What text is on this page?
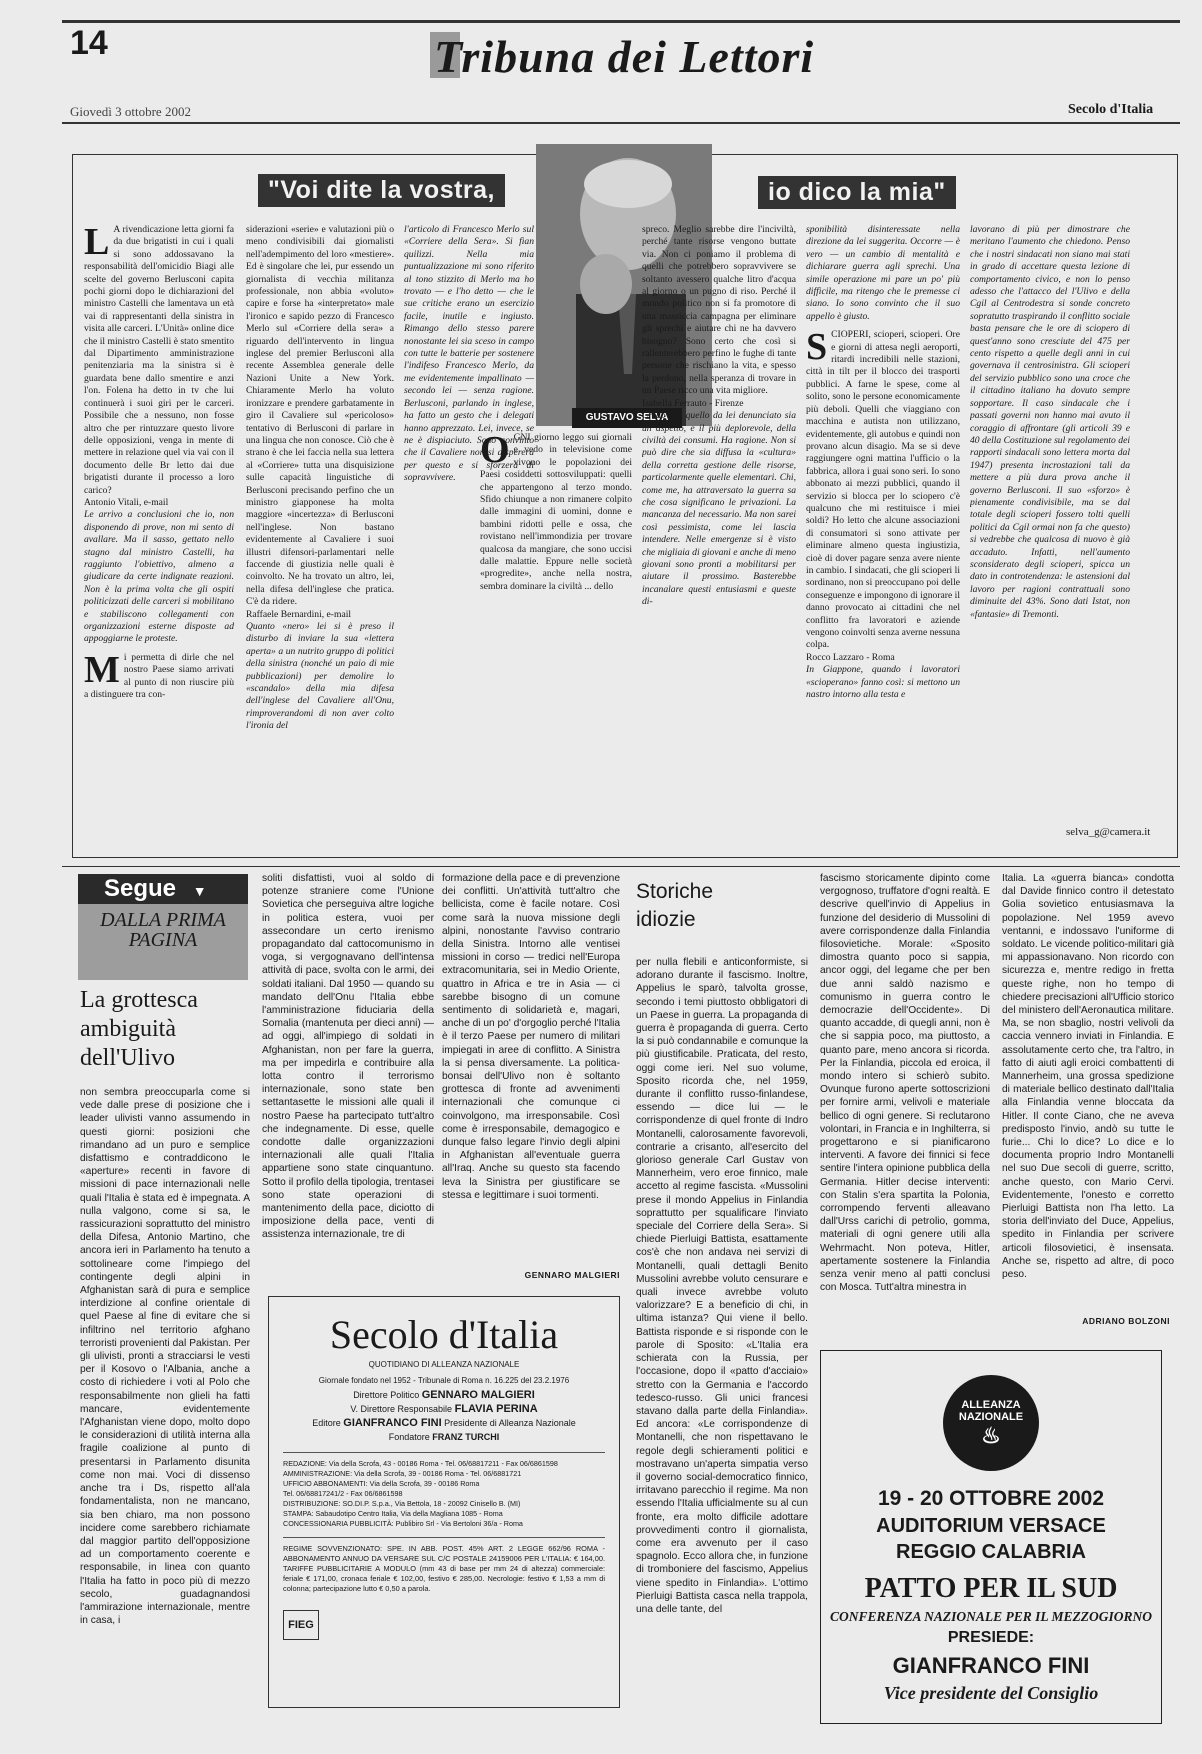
14	Tribuna dei Lettori
Giovedì 3 ottobre 2002	Secolo d'Italia
"Voi dite la vostra,	io dico la mia"
GUSTAVO SELVA

L A rivendicazione letta giorni fa da due brigatisti in cui i quali si sono addossavano la responsabilità dell'omicidio Biagi alle scelte del governo Berlusconi capita pochi giorni dopo le dichiarazioni del ministro Castelli che lamentava un età vai di rappresentanti della sinistra in visita alle carceri. L'Unità» online dice che il ministro Castelli è stato smentito dal Dipartimento amministrazione penitenziaria ma la sinistra si è guardata bene dallo smentire e anzi l'on. Folena ha detto in tv che lui continuerà i suoi giri per le carceri. Possibile che a nessuno, non fosse altro che per rintuzzare questo livore delle opposizioni, venga in mente di mettere in relazione quel via vai con il documento delle Br letto dai due brigatisti durante il processo a loro carico?

Antonio Vitali, e-mail

Le arrivo a conclusioni che io, non disponendo di prove, non mi sento di avallare. Ma il sasso, gettato nello stagno dal ministro Castelli, ha raggiunto l'obiettivo, almeno a giudicare da certe indignate reazioni. Non è la prima volta che gli ospiti politicizzati delle carceri si mobilitano e stabiliscono collegamenti con organizzazioni esterne disposte ad appoggiarne le proteste.

Mi permetta di dirle che nel nostro Paese siamo arrivati al punto di non riuscire più a distinguere tra con-

siderazioni «serie» e valutazioni più o meno condivisibili dai giornalisti nell'adempimento del loro «mestiere». Ed è singolare che lei, pur essendo un giornalista di vecchia militanza professionale, non abbia «voluto» capire e forse ha «interpretato» male l'ironico e sapido pezzo di Francesco Merlo sul «Corriere della sera» a riguardo dell'intervento in lingua inglese del premier Berlusconi alla recente Assemblea generale delle Nazioni Unite a New York. Chiaramente Merlo ha voluto ironizzare e prendere garbatamente in giro il Cavaliere sul «pericoloso» tentativo di Berlusconi di parlare in una lingua che non conosce. Ciò che è strano è che lei faccia nella sua lettera al «Corriere» tutta una disquisizione sulle capacità linguistiche di Berlusconi precisando perfino che un ministro giapponese ha molta maggiore «incertezza» di Berlusconi nell'inglese. Non bastano evidentemente al Cavaliere i suoi illustri difensori-parlamentari nelle faccende di giustizia nelle quali è coinvolto. Ne ha trovato un altro, lei, nella difesa dell'inglese che pratica. C'è da ridere.

Raffaele Bernardini, e-mail

Quanto «nero» lei si è preso il disturbo di inviare la sua «lettera aperta» a un nutrito gruppo di politici della sinistra (nonché un paio di mie pubblicazioni) per demolire lo «scandalo» della mia difesa dell'inglese del Cavaliere all'Onu, rimproverandomi di non aver colto l'ironia del

l'articolo di Francesco Merlo sul «Corriere della Sera». Si fian quilizzi. Nella mia puntualizzazione mi sono riferito al tono stizzito di Merlo ma ho trovato — e l'ho detto — che le sue critiche erano un esercizio facile, inutile e ingiusto. Rimango dello stesso parere nonostante lei sia sceso in campo con tutte le batterie per sostenere l'indifeso Francesco Merlo, da me evidentemente impallinato — secondo lei — senza ragione. Berlusconi, parlando in inglese, ha fatto un gesto che i delegati hanno apprezzato. Lei, invece, se ne è dispiaciuto. Sono convinto che il Cavaliere non si disperera per questo e si sforzerà di sopravvivere.

OGNI giorno leggo sui giornali e vedo in televisione come vivono le popolazioni dei Paesi cosiddetti sottosviluppati: quelli che appartengono al terzo mondo. Sfido chiunque a non rimanere colpito dalle immagini di uomini, donne e bambini ridotti pelle e ossa, che rovistano nell'immondizia per trovare qualcosa da mangiare, che sono uccisi dalle malattie. Eppure nelle società «progredite», anche nella nostra, sembra dominare la civiltà ... dello

spreco. Meglio sarebbe dire l'inciviltà, perché tante risorse vengono buttate via. Non ci poniamo il problema di quelli che potrebbero sopravvivere se soltanto avessero qualche litro d'acqua al giorno o un pugno di riso. Perché il mondo politico non si fa promotore di una massiccia campagna per eliminare gli sprechi e aiutare chi ne ha davvero bisogno? Sono certo che così si rallenterebbero perfino le fughe di tante persone che rischiano la vita, e spesso la perdono, nella speranza di trovare in un Paese ricco una vita migliore.

Isabella Ferrauto - Firenze

Credo che quello da lei denunciato sia un aspetto, e il più deplorevole, della civiltà dei consumi. Ha ragione. Non si può dire che sia diffusa la «cultura» della corretta gestione delle risorse, particolarmente quelle elementari. Chi, come me, ha attraversato la guerra sa che cosa significano le privazioni. La mancanza del necessario. Ma non sarei così pessimista, come lei lascia intendere. Nelle emergenze si è visto che migliaia di giovani e anche di meno giovani sono pronti a mobilitarsi per aiutare il prossimo. Basterebbe incanalare questi entusiasmi e queste di-

sponibilità disinteressate nella direzione da lei suggerita. Occorre — è vero — un cambio di mentalità e dichiarare guerra agli sprechi. Una simile operazione mi pare un po' più difficile, ma ritengo che le premesse ci siano. Io sono convinto che il suo appello è giusto.

SCIOPERI, scioperi, scioperi. Ore e giorni di attesa negli aeroporti, ritardi incredibili nelle stazioni, città in tilt per il blocco dei trasporti pubblici. A farne le spese, come al solito, sono le persone economicamente più deboli. Quelli che viaggiano con macchina e autista non utilizzano, evidentemente, gli autobus e quindi non provano alcun disagio. Ma se si deve raggiungere ogni mattina l'ufficio o la fabbrica, allora i guai sono seri. Io sono abbonato ai mezzi pubblici, quando il servizio si blocca per lo sciopero c'è qualcuno che mi restituisce i miei soldi? Ho letto che alcune associazioni di consumatori si sono attivate per eliminare almeno questa ingiustizia, cioè di dover pagare senza avere niente in cambio. I sindacati, che gli scioperi li sordinano, non si preoccupano poi delle conseguenze e impongono di ignorare il danno provocato ai cittadini che nel conflitto fra lavoratori e aziende vengono coinvolti senza averne nessuna colpa.

Rocco Lazzaro - Roma

In Giappone, quando i lavoratori «scioperano» fanno così: si mettono un nastro intorno alla testa e

lavorano di più per dimostrare che meritano l'aumento che chiedono. Penso che i nostri sindacati non siano mai stati in grado di accettare questa lezione di comportamento civico, e non lo penso adesso che l'attacco del l'Ulivo e della Cgil al Centrodestra si sonde concreto sopratutto traspirando il conflitto sociale basta pensare che le ore di sciopero di quest'anno sono cresciute del 475 per cento rispetto a quelle degli anni in cui governava il centrosinistra. Gli scioperi del servizio pubblico sono una croce che il cittadino italiano ha dovuto sempre sopportare. Il caso sindacale che i passati governi non hanno mai avuto il coraggio di affrontare (gli articoli 39 e 40 della Costituzione sul regolamento dei rapporti sindacali sono lettera morta dal 1947) presenta incrostazioni tali da mettere a più dura prova anche il governo Berlusconi. Il suo «sforzo» è pienamente condivisibile, ma se dal totale degli scioperi fossero tolti quelli politici da Cgil ormai non fa che questo) si vedrebbe che qualcosa di nuovo è già accaduto. Infatti, nell'aumento sconsiderato degli scioperi, spicca un dato in controtendenza: le astensioni dal lavoro per ragioni contrattuali sono diminuite del 43%. Sono dati Istat, non «fantasie» di Tremonti.

selva_g@camera.it
Segue ▼
DALLA PRIMA PAGINA
La grottesca ambiguità dell'Ulivo

non sembra preoccuparla come si vede dalle prese di posizione che i leader ulivisti vanno assumendo in questi giorni: posizioni che rimandano ad un puro e semplice disfattismo e contraddicono le «aperture» recenti in favore di missioni di pace internazionali nelle quali l'Italia è stata ed è impegnata. A nulla valgono, come si sa, le rassicurazioni soprattutto del ministro della Difesa, Antonio Martino, che ancora ieri in Parlamento ha tenuto a sottolineare come l'impiego del contingente degli alpini in Afghanistan sarà di pura e semplice interdizione al confine orientale di quel Paese al fine di evitare che si infiltrino nel territorio afghano terroristi provenienti dal Pakistan. Per gli ulivisti, pronti a stracciarsi le vesti per il Kosovo o l'Albania, anche a costo di richiedere i voti al Polo che responsabilmente non glieli ha fatti mancare, evidentemente l'Afghanistan viene dopo, molto dopo le considerazioni di utilità interna alla fragile coalizione al punto di presentarsi in Parlamento disunita come non mai. Voci di dissenso anche tra i Ds, rispetto all'ala fondamentalista, non ne mancano, sia ben chiaro, ma non possono incidere come sarebbero richiamate dal maggior partito dell'opposizione ad un comportamento coerente e responsabile, in linea con quanto l'Italia ha fatto in poco più di mezzo secolo, guadagnandosi l'ammirazione internazionale, mentre in casa, i

soliti disfattisti, vuoi al soldo di potenze straniere come l'Unione Sovietica che perseguiva altre logiche in politica estera, vuoi per assecondare un certo irenismo propagandato dal cattocomunismo in voga, si vergognavano dell'intensa attività di pace, svolta con le armi, dei soldati italiani. Dal 1950 — quando su mandato dell'Onu l'Italia ebbe l'amministrazione fiduciaria della Somalia (mantenuta per dieci anni) — ad oggi, all'impiego di soldati in Afghanistan, non per fare la guerra, ma per impedirla e contribuire alla lotta contro il terrorismo internazionale, sono state ben settantasette le missioni alle quali il nostro Paese ha partecipato tutt'altro che indegnamente. Di esse, quelle condotte dalle organizzazioni internazionali alle quali l'Italia appartiene sono state cinquantuno. Sotto il profilo della tipologia, trentasei sono state operazioni di mantenimento della pace, diciotto di imposizione della pace, venti di assistenza internazionale, tre di

formazione della pace e di prevenzione dei conflitti. Un'attività tutt'altro che bellicista, come è facile notare. Così come sarà la nuova missione degli alpini, nonostante l'avviso contrario della Sinistra. Intorno alle ventisei missioni in corso — tredici nell'Europa extracomunitaria, sei in Medio Oriente, quattro in Africa e tre in Asia — ci sarebbe bisogno di un comune sentimento di solidarietà e, magari, anche di un po' d'orgoglio perché l'Italia è il terzo Paese per numero di militari impiegati in aree di conflitto. A Sinistra la si pensa diversamente. La politica-bonsai dell'Ulivo non è soltanto grottesca di fronte ad avvenimenti internazionali che comunque ci coinvolgono, ma irresponsabile. Così come è irresponsabile, demagogico e dunque falso legare l'invio degli alpini in Afghanistan all'eventuale guerra all'Iraq. Anche su questo sta facendo leva la Sinistra per giustificare se stessa e legittimare i suoi tormenti.

GENNARO MALGIERI
Secolo d'Italia
QUOTIDIANO DI ALLEANZA NAZIONALE
Giornale fondato nel 1952 - Tribunale di Roma n. 16.225 del 23.2.1976
Direttore Politico GENNARO MALGIERI
V. Direttore Responsabile FLAVIA PERINA
Editore GIANFRANCO FINI Presidente di Alleanza Nazionale
Fondatore FRANZ TURCHI
REDAZIONE: Via della Scrofa, 43 - 00186 Roma - Tel. 06/68817211 - Fax 06/6861598
AMMINISTRAZIONE: Via della Scrofa, 39 - 00186 Roma - Tel. 06/6881721
UFFICIO ABBONAMENTI: Via della Scrofa, 39 - 00186 Roma
Tel. 06/68817241/2 - Fax 06/6861598
DISTRIBUZIONE: SO.DI.P. S.p.a., Via Bettola, 18 - 20092 Cinisello B. (MI)
STAMPA: Sabaudotipo Centro Italia, Via della Magliana 1085 - Roma
CONCESSIONARIA PUBBLICITÀ: Publibiro Srl - Via Bertoloni 36/a - Roma
FIEG
REGIME SOVVENZIONATO: SPE. IN ABB. POST. 45% ART. 2 LEGGE 662/96 ROMA - ABBONAMENTO ANNUO DA VERSARE SUL C/C POSTALE 24159006 PER L'ITALIA: € 164,00. TARIFFE PUBBLICITARIE A MODULO (mm 43 di base per mm 24 di altezza) commerciale: feriale € 171,00, cronaca feriale € 102,00, festivo € 285,00. Necrologie: festivo € 1,53 a mm di colonna; partecipazione lutto € 0,50 a parola.
Storiche idiozie

per nulla flebili e anticonformiste, si adorano durante il fascismo. Inoltre, Appelius le sparò, talvolta grosse, secondo i temi piuttosto obbligatori di un Paese in guerra. La propaganda di guerra è propaganda di guerra. Certo la si può condannabile e comunque la più giustificabile. Praticata, del resto, oggi come ieri. Nel suo volume, Sposito ricorda che, nel 1959, durante il conflitto russo-finlandese, essendo — dice lui — le corrispondenze di quel fronte di Indro Montanelli, calorosamente favorevoli, contrarie a crisanto, all'esercito del glorioso generale Carl Gustav von Mannerheim, vero eroe finnico, male accetto al regime fascista. «Mussolini prese il mondo Appelius in Finlandia soprattutto per squalificare l'inviato speciale del Corriere della Sera». Si chiede Pierluigi Battista, esattamente cos'è che non andava nei servizi di Montanelli, quali dettagli Benito Mussolini avrebbe voluto censurare e quali invece avrebbe voluto valorizzare? E a beneficio di chi, in ultima istanza? Qui viene il bello. Battista risponde e si risponde con le parole di Sposito: «L'Italia era schierata con la Russia, per l'occasione, dopo il «patto d'acciaio» stretto con la Germania e l'accordo tedesco-russo. Gli unici francesi stavano dalla parte della Finlandia». Ed ancora: «Le corrispondenze di Montanelli, che non rispettavano le regole degli schieramenti politici e mostravano un'aperta simpatia verso il governo social-democratico finnico, irritavano parecchio il regime. Ma non essendo l'Italia ufficialmente su al cun fronte, era molto difficile adottare provvedimenti contro il giornalista, come era avvenuto per il caso spagnolo. Ecco allora che, in funzione di tromboniere del fascismo, Appelius viene spedito in Finlandia». L'ottimo Pierluigi Battista casca nella trappola, una delle tante, del

fascismo storicamente dipinto come vergognoso, truffatore d'ogni realtà. E descrive quell'invio di Appelius in funzione del desiderio di Mussolini di avere corrispondenze dalla Finlandia filosovietiche. Morale: «Sposito dimostra quanto poco si sappia, ancor oggi, del legame che per ben due anni saldò nazismo e comunismo in guerra contro le democrazie dell'Occidente». Di quanto accadde, di quegli anni, non è che si sappia poco, ma piuttosto, a quanto pare, meno ancora si ricorda. Per la Finlandia, piccola ed eroica, il mondo intero si schierò subito. Ovunque furono aperte sottoscrizioni per fornire armi, velivoli e materiale bellico di ogni genere. Si reclutarono volontari, in Francia e in Inghilterra, si progettarono e si pianificarono interventi. A favore dei finnici si fece sentire l'intera opinione pubblica della Germania. Hitler decise interventi: con Stalin s'era spartita la Polonia, corrompendo ferventi alleavano dall'Urss carichi di petrolio, gomma, materiali di ogni genere utili alla Wehrmacht. Non poteva, Hitler, apertamente sostenere la Finlandia senza venir meno al patti conclusi con Mosca. Tutt'altra minestra in

Italia. La «guerra bianca» condotta dal Davide finnico contro il detestato Golia sovietico entusiasmava la popolazione. Nel 1959 avevo ventanni, e indossavo l'uniforme di soldato. Le vicende politico-militari già mi appassionavano. Non ricordo con sicurezza e, mentre redigo in fretta queste righe, non ho tempo di chiedere precisazioni all'Ufficio storico del ministero dell'Aeronautica militare. Ma, se non sbaglio, nostri velivoli da caccia vennero inviati in Finlandia. E assolutamente certo che, tra l'altro, in fatto di aiuti agli eroici combattenti di Mannerheim, una grossa spedizione di materiale bellico destinato dall'Italia alla Finlandia venne bloccata da Hitler. Il conte Ciano, che ne aveva predisposto l'invio, andò su tutte le furie... Chi lo dice? Lo dice e lo documenta proprio Indro Montanelli nel suo Due secoli di guerre, scritto, anche questo, con Mario Cervi. Evidentemente, l'onesto e corretto Pierluigi Battista non l'ha letto. La storia dell'inviato del Duce, Appelius, spedito in Finlandia per scrivere articoli filosovietici, è insensata. Anche se, rispetto ad altre, di poco peso.

ADRIANO BOLZONI
ALLEANZA
NAZIONALE
♨
19 - 20 OTTOBRE 2002
AUDITORIUM VERSACE
REGGIO CALABRIA
PATTO PER IL SUD
CONFERENZA NAZIONALE PER IL MEZZOGIORNO
PRESIEDE:
GIANFRANCO FINI
Vice presidente del Consiglio
